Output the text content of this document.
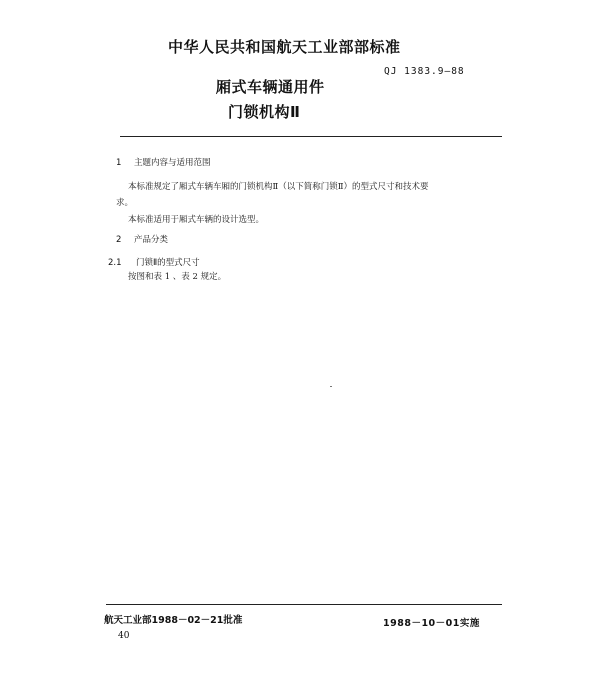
中华人民共和国航天工业部部标准
QJ 1383.9—88
厢式车辆通用件
门锁机构Ⅱ
1 主题内容与适用范围
本标准规定了厢式车辆车厢的门锁机构Ⅱ（以下简称门锁Ⅱ）的型式尺寸和技术要
求。
本标准适用于厢式车辆的设计选型。
2 产品分类
2.1 门锁Ⅱ的型式尺寸
按图和表 1 、表 2 规定。
航天工业部1988－02－21批准	1988－10－01实施
40
